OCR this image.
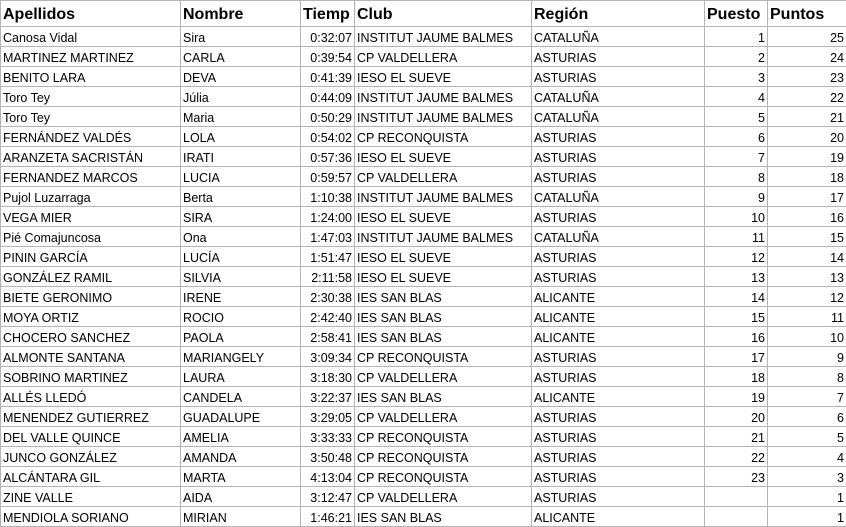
Apellidos	Nombre	Tiemp	Club	Región	Puesto	Puntos
Canosa Vidal	Sira	0:32:07	INSTITUT JAUME BALMES	CATALUÑA	1	25
MARTINEZ MARTINEZ	CARLA	0:39:54	CP VALDELLERA	ASTURIAS	2	24
BENITO LARA	DEVA	0:41:39	IESO EL SUEVE	ASTURIAS	3	23
Toro Tey	Júlia	0:44:09	INSTITUT JAUME BALMES	CATALUÑA	4	22
Toro Tey	Maria	0:50:29	INSTITUT JAUME BALMES	CATALUÑA	5	21
FERNÁNDEZ VALDÉS	LOLA	0:54:02	CP RECONQUISTA	ASTURIAS	6	20
ARANZETA SACRISTÁN	IRATI	0:57:36	IESO EL SUEVE	ASTURIAS	7	19
FERNANDEZ MARCOS	LUCIA	0:59:57	CP VALDELLERA	ASTURIAS	8	18
Pujol Luzarraga	Berta	1:10:38	INSTITUT JAUME BALMES	CATALUÑA	9	17
VEGA MIER	SIRA	1:24:00	IESO EL SUEVE	ASTURIAS	10	16
Pié Comajuncosa	Ona	1:47:03	INSTITUT JAUME BALMES	CATALUÑA	11	15
PININ GARCÍA	LUCÍA	1:51:47	IESO EL SUEVE	ASTURIAS	12	14
GONZÁLEZ RAMIL	SILVIA	2:11:58	IESO EL SUEVE	ASTURIAS	13	13
BIETE GERONIMO	IRENE	2:30:38	IES SAN BLAS	ALICANTE	14	12
MOYA ORTIZ	ROCIO	2:42:40	IES SAN BLAS	ALICANTE	15	11
CHOCERO SANCHEZ	PAOLA	2:58:41	IES SAN BLAS	ALICANTE	16	10
ALMONTE SANTANA	MARIANGELY	3:09:34	CP RECONQUISTA	ASTURIAS	17	9
SOBRINO MARTINEZ	LAURA	3:18:30	CP VALDELLERA	ASTURIAS	18	8
ALLÉS LLEDÓ	CANDELA	3:22:37	IES SAN BLAS	ALICANTE	19	7
MENENDEZ GUTIERREZ	GUADALUPE	3:29:05	CP VALDELLERA	ASTURIAS	20	6
DEL VALLE QUINCE	AMELIA	3:33:33	CP RECONQUISTA	ASTURIAS	21	5
JUNCO GONZÁLEZ	AMANDA	3:50:48	CP RECONQUISTA	ASTURIAS	22	4
ALCÁNTARA GIL	MARTA	4:13:04	CP RECONQUISTA	ASTURIAS	23	3
ZINE VALLE	AIDA	3:12:47	CP VALDELLERA	ASTURIAS		1
MENDIOLA SORIANO	MIRIAN	1:46:21	IES SAN BLAS	ALICANTE		1
